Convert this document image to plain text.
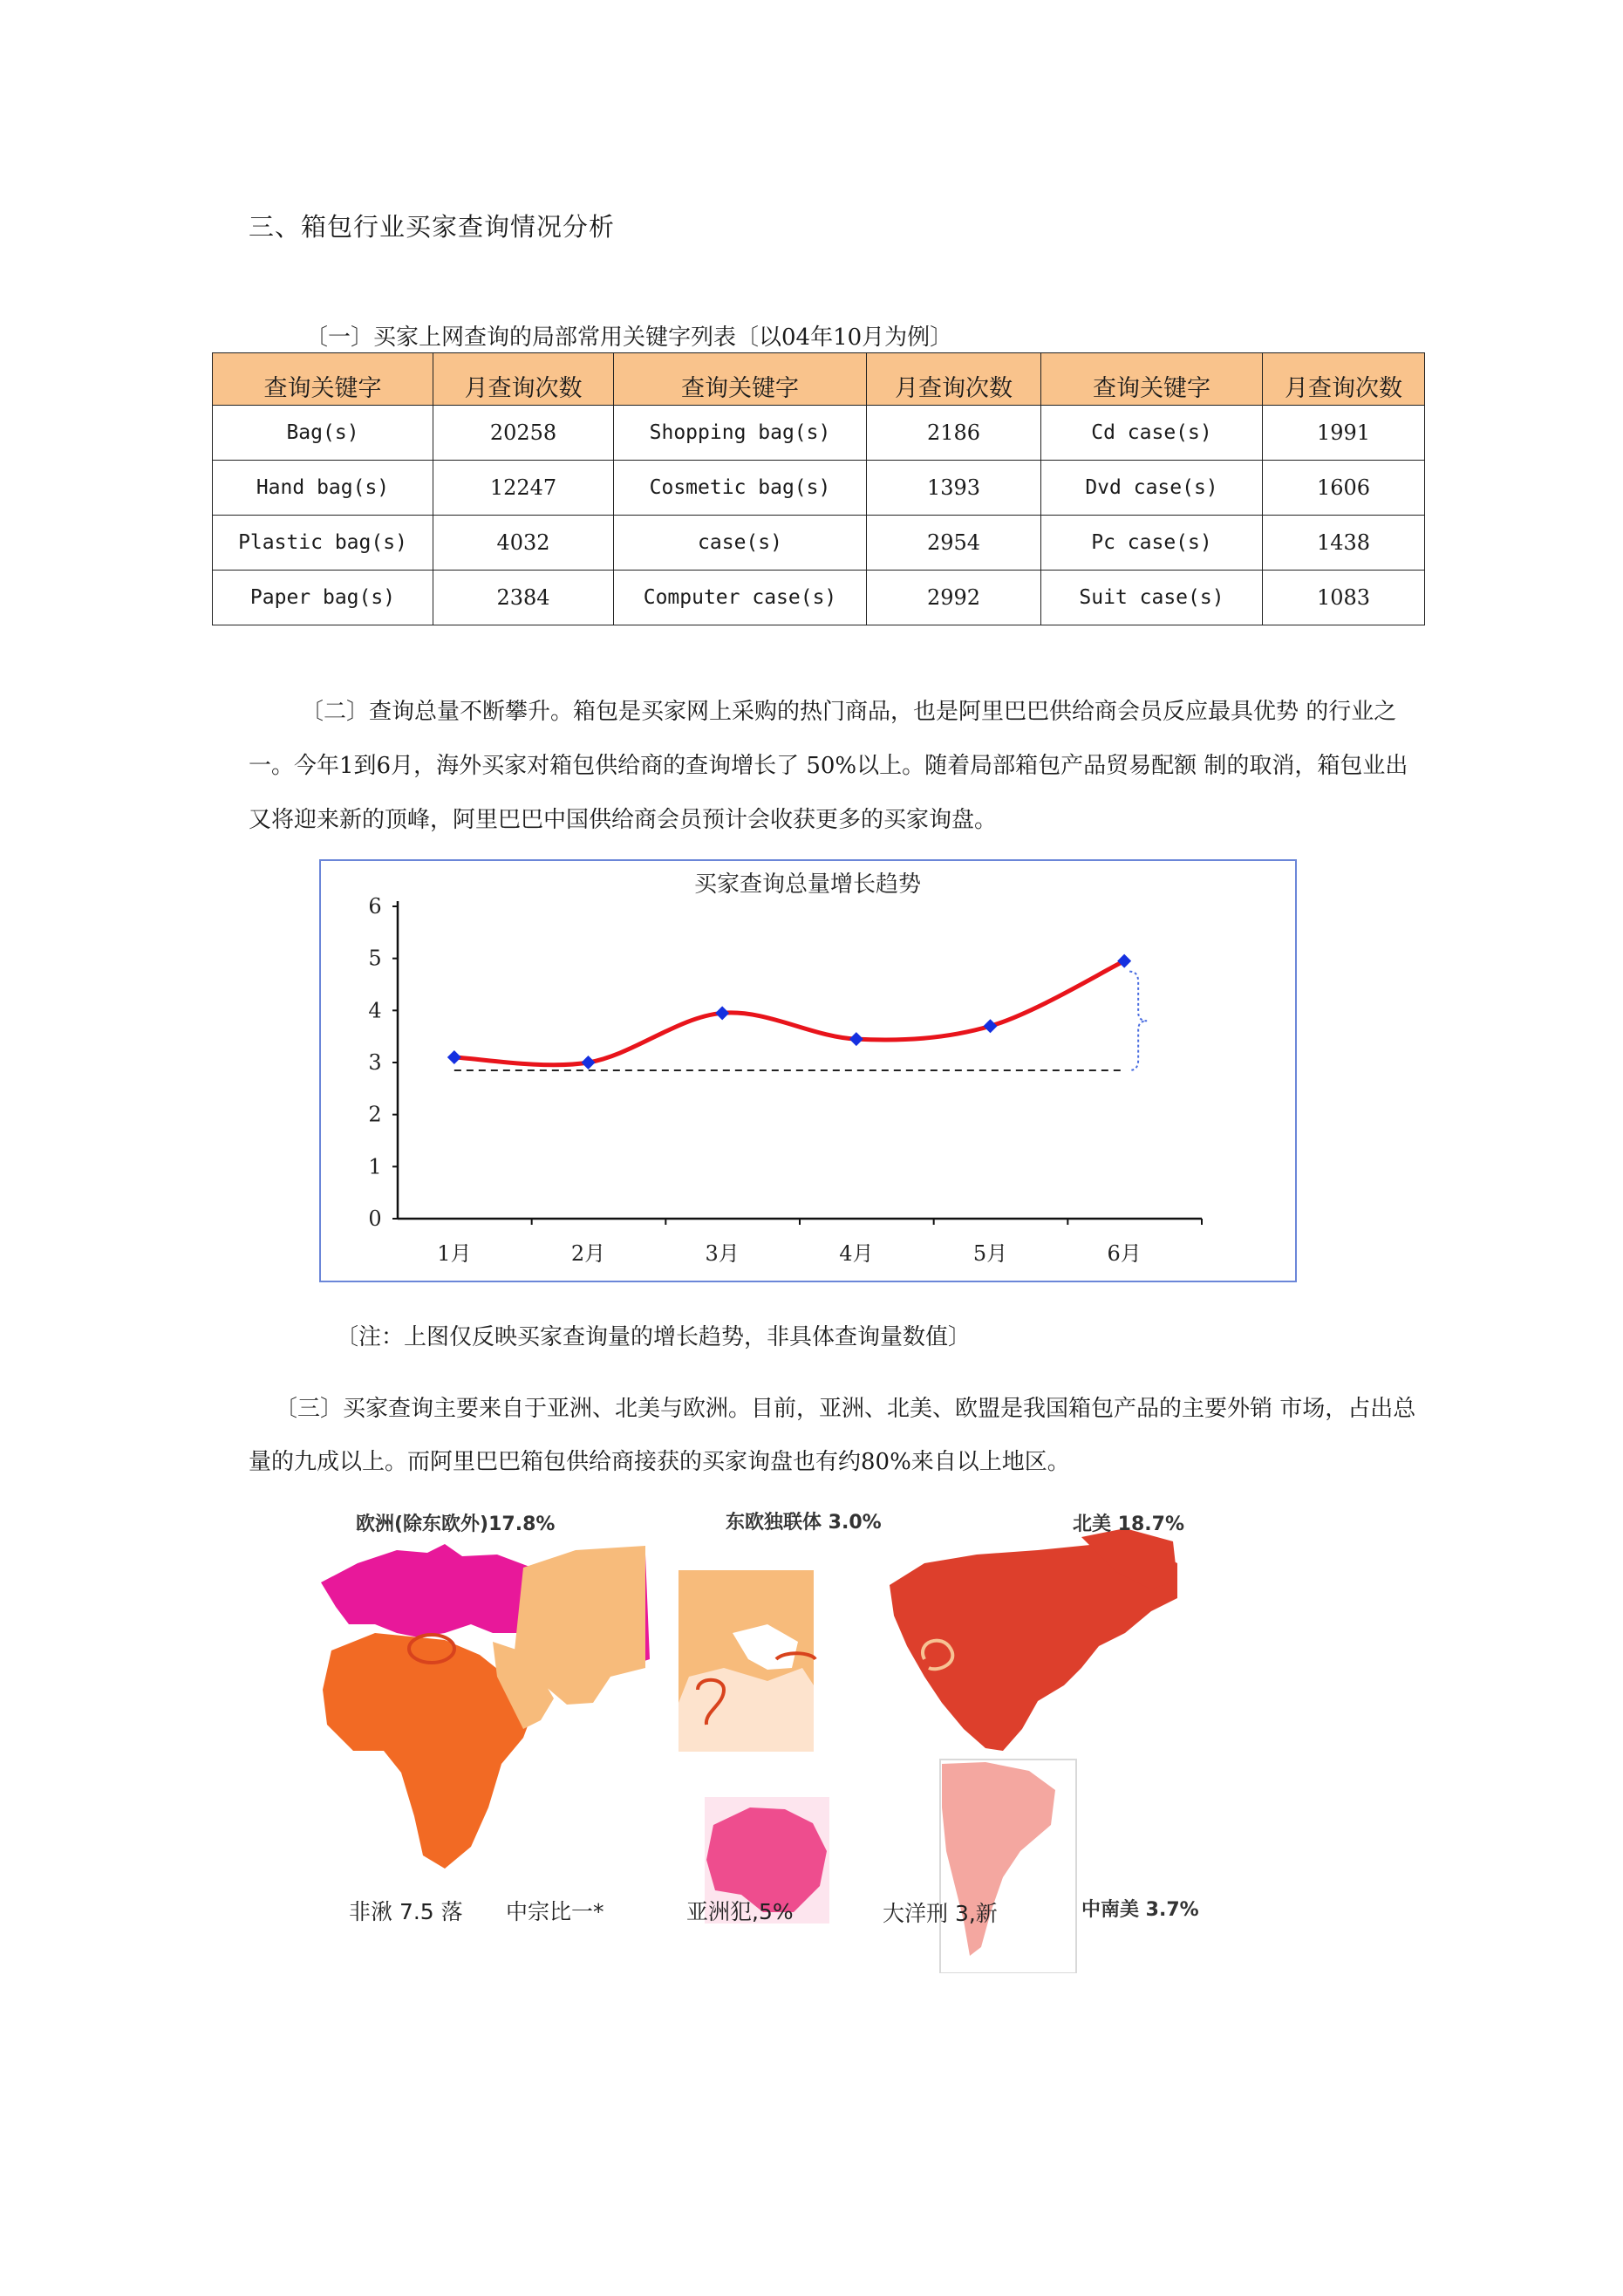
三、箱包行业买家查询情况分析
〔一〕买家上网查询的局部常用关键字列表〔以04年10月为例〕
查询关键字	月查询次数	查询关键字	月查询次数	查询关键字	月查询次数
Bag(s)	20258	Shopping bag(s)	2186	Cd case(s)	1991
Hand bag(s)	12247	Cosmetic bag(s)	1393	Dvd case(s)	1606
Plastic bag(s)	4032	case(s)	2954	Pc case(s)	1438
Paper bag(s)	2384	Computer case(s)	2992	Suit case(s)	1083
〔二〕查询总量不断攀升。箱包是买家网上采购的热门商品，也是阿里巴巴供给商会员反应最具优势 的行业之一。今年1到6月，海外买家对箱包供给商的查询增长了 50%以上。随着局部箱包产品贸易配额 制的取消，箱包业出又将迎来新的顶峰，阿里巴巴中国供给商会员预计会收获更多的买家询盘。
买家查询总量增长趋势
0
1
2
3
4
5
6
1月	2月	3月	4月	5月	6月
〔注：上图仅反映买家查询量的增长趋势，非具体查询量数值〕
〔三〕买家查询主要来自于亚洲、北美与欧洲。目前，亚洲、北美、欧盟是我国箱包产品的主要外销 市场，占出总量的九成以上。而阿里巴巴箱包供给商接获的买家询盘也有约80%来自以上地区。
欧洲(除东欧外)17.8%	东欧独联体 3.0%	北美 18.7%
非湫 7.5 落 中宗比一*	亚洲犯,5%	大洋刑 3,新	中南美 3.7%
